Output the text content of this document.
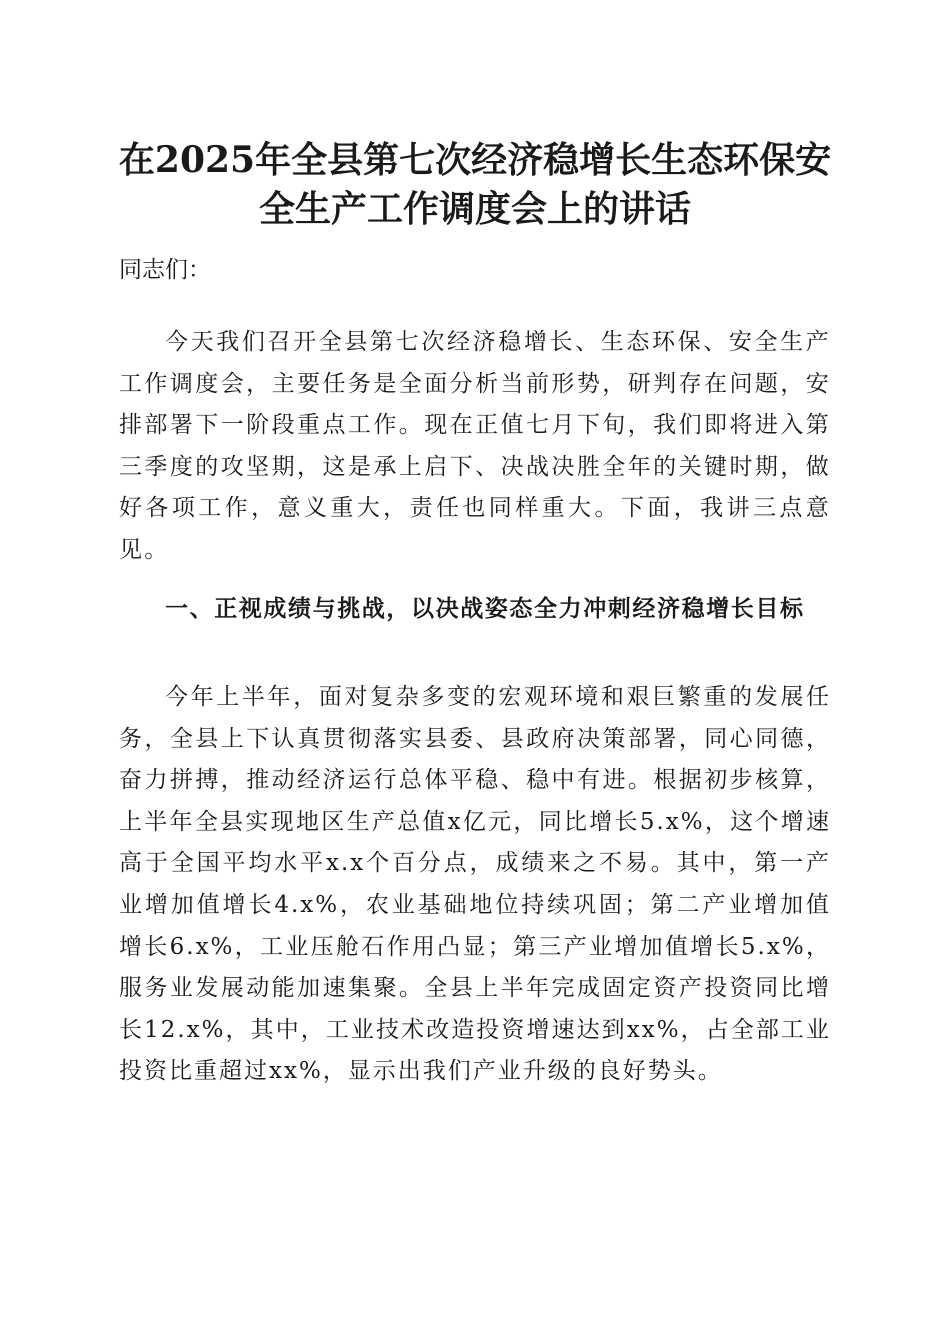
在2025年全县第七次经济稳增长生态环保安
全生产工作调度会上的讲话
同志们：
今天我们召开全县第七次经济稳增长、生态环保、安全生产工作调度会，主要任务是全面分析当前形势，研判存在问题，安排部署下一阶段重点工作。现在正值七月下旬，我们即将进入第三季度的攻坚期，这是承上启下、决战决胜全年的关键时期，做好各项工作，意义重大，责任也同样重大。下面，我讲三点意见。
一、正视成绩与挑战，以决战姿态全力冲刺经济稳增长目标
今年上半年，面对复杂多变的宏观环境和艰巨繁重的发展任务，全县上下认真贯彻落实县委、县政府决策部署，同心同德，奋力拼搏，推动经济运行总体平稳、稳中有进。根据初步核算，上半年全县实现地区生产总值x亿元，同比增长5.x%，这个增速高于全国平均水平x.x个百分点，成绩来之不易。其中，第一产业增加值增长4.x%，农业基础地位持续巩固；第二产业增加值增长6.x%，工业压舱石作用凸显；第三产业增加值增长5.x%，服务业发展动能加速集聚。全县上半年完成固定资产投资同比增长12.x%，其中，工业技术改造投资增速达到xx%，占全部工业投资比重超过xx%，显示出我们产业升级的良好势头。
